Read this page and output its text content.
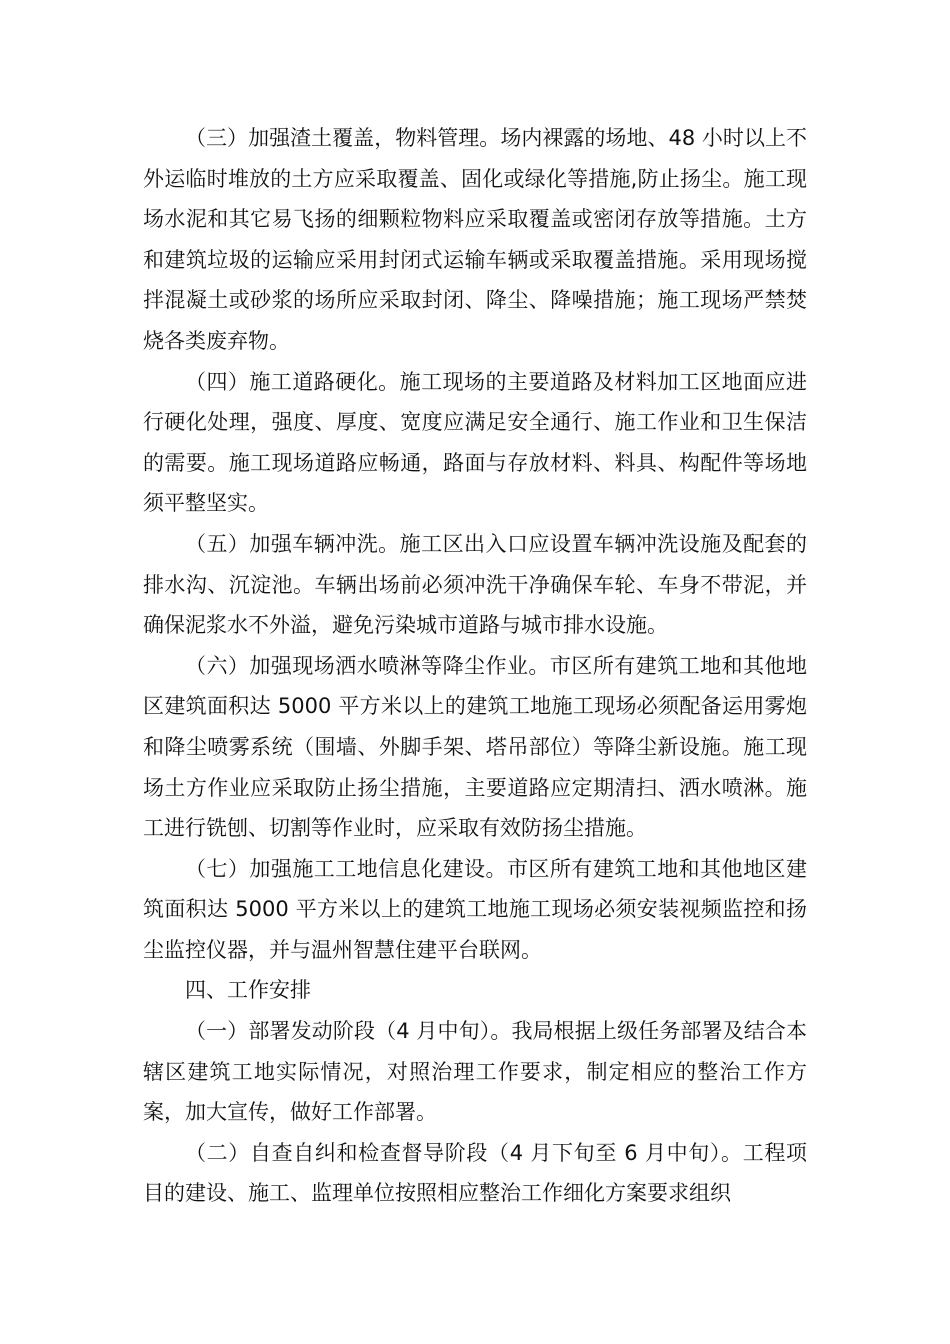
（三）加强渣土覆盖，物料管理。场内裸露的场地、48 小时以上不外运临时堆放的土方应采取覆盖、固化或绿化等措施,防止扬尘。施工现场水泥和其它易飞扬的细颗粒物料应采取覆盖或密闭存放等措施。土方和建筑垃圾的运输应采用封闭式运输车辆或采取覆盖措施。采用现场搅拌混凝土或砂浆的场所应采取封闭、降尘、降噪措施；施工现场严禁焚烧各类废弃物。

（四）施工道路硬化。施工现场的主要道路及材料加工区地面应进行硬化处理，强度、厚度、宽度应满足安全通行、施工作业和卫生保洁的需要。施工现场道路应畅通，路面与存放材料、料具、构配件等场地须平整坚实。

（五）加强车辆冲洗。施工区出入口应设置车辆冲洗设施及配套的排水沟、沉淀池。车辆出场前必须冲洗干净确保车轮、车身不带泥，并确保泥浆水不外溢，避免污染城市道路与城市排水设施。

（六）加强现场洒水喷淋等降尘作业。市区所有建筑工地和其他地区建筑面积达 5000 平方米以上的建筑工地施工现场必须配备运用雾炮和降尘喷雾系统（围墙、外脚手架、塔吊部位）等降尘新设施。施工现场土方作业应采取防止扬尘措施，主要道路应定期清扫、洒水喷淋。施工进行铣刨、切割等作业时，应采取有效防扬尘措施。

（七）加强施工工地信息化建设。市区所有建筑工地和其他地区建筑面积达 5000 平方米以上的建筑工地施工现场必须安装视频监控和扬尘监控仪器，并与温州智慧住建平台联网。

四、工作安排

（一）部署发动阶段（4 月中旬）。我局根据上级任务部署及结合本辖区建筑工地实际情况，对照治理工作要求，制定相应的整治工作方案，加大宣传，做好工作部署。

（二）自查自纠和检查督导阶段（4 月下旬至 6 月中旬）。工程项目的建设、施工、监理单位按照相应整治工作细化方案要求组织
